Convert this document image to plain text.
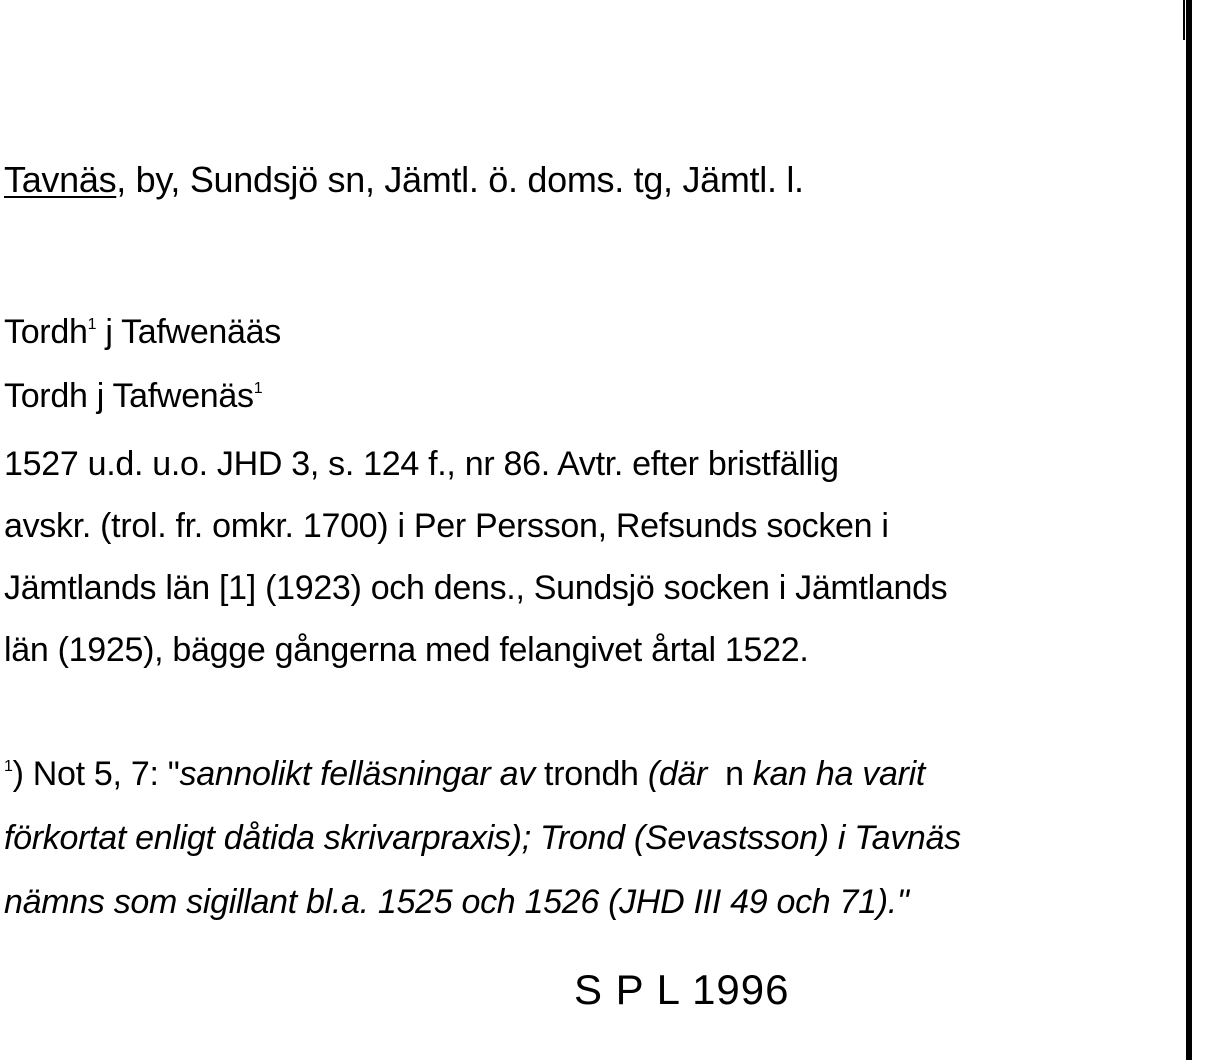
Tavnäs, by, Sundsjö sn, Jämtl. ö. doms. tg, Jämtl. l.
Tordh$^1$ j Tafwenääs
Tordh j Tafwenäs$^1$
1527 u.d. u.o. JHD 3, s. 124 f., nr 86. Avtr. efter bristfällig
avskr. (trol. fr. omkr. 1700) i Per Persson, Refsunds socken i
Jämtlands län [1] (1923) och dens., Sundsjö socken i Jämtlands
län (1925), bägge gångerna med felangivet årtal 1522.
$^1$) Not 5, 7: "sannolikt felläsningar av trondh (där n kan ha varit
förkortat enligt dåtida skrivarpraxis); Trond (Sevastsson) i Tavnäs
nämns som sigillant bl.a. 1525 och 1526 (JHD III 49 och 71)."
S P L 1996
